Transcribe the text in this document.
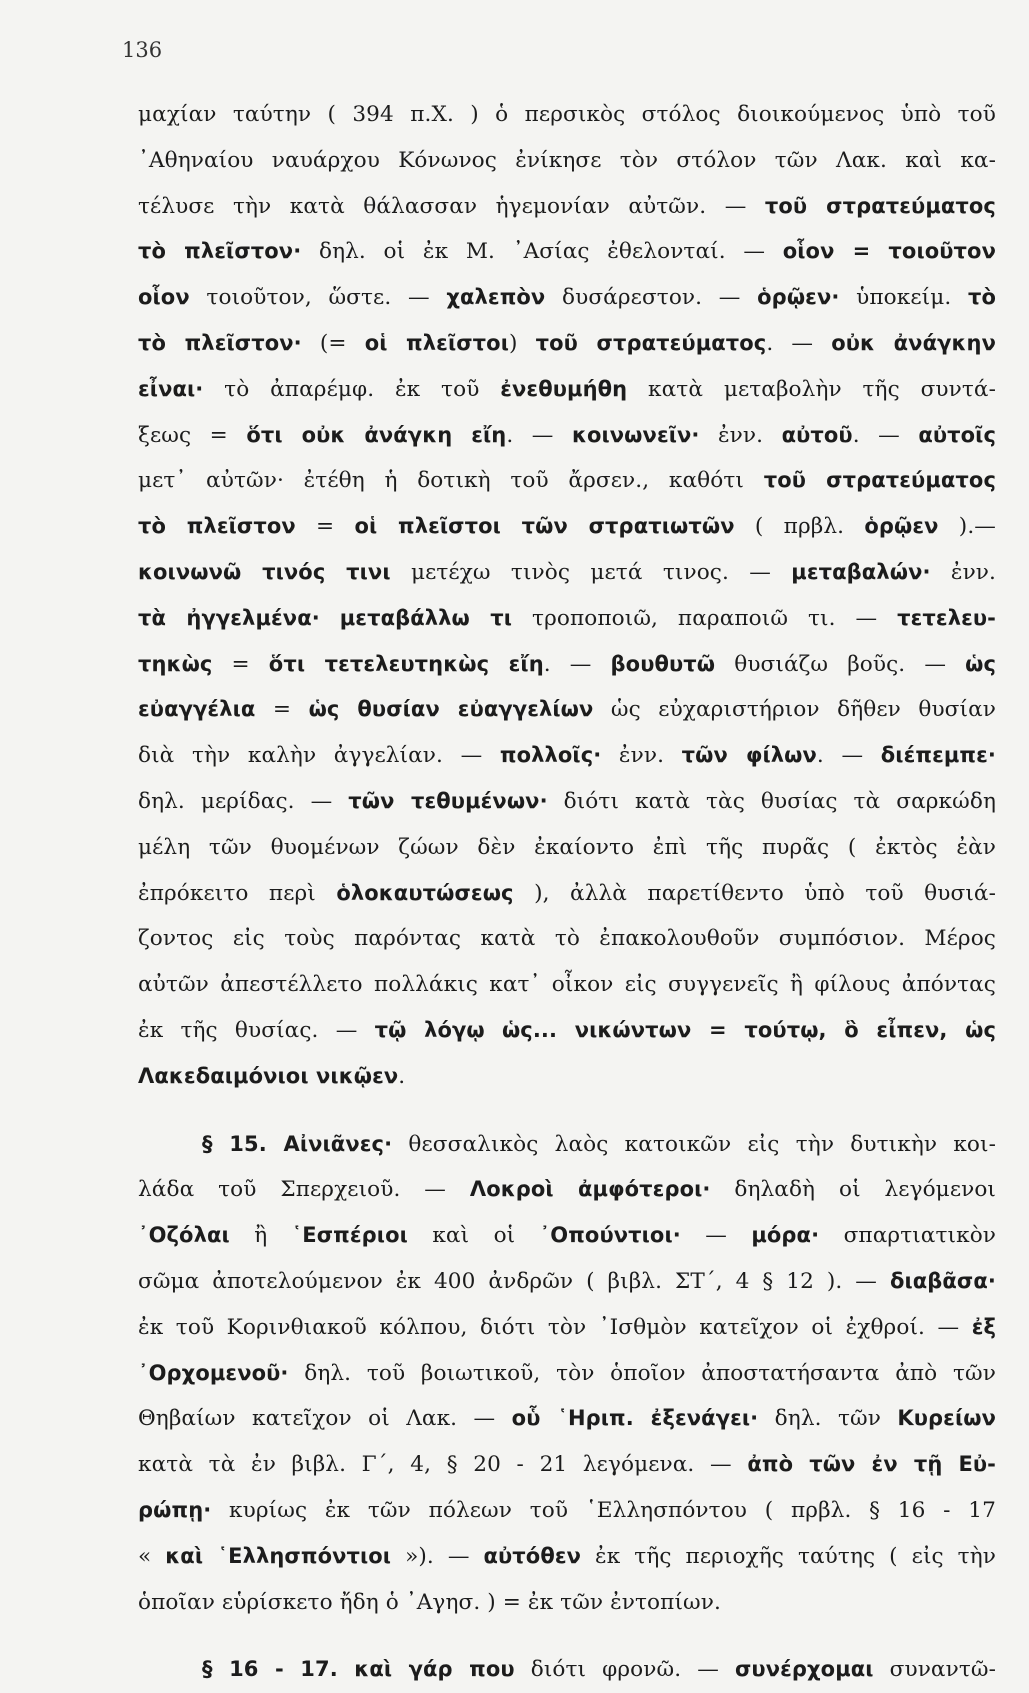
136
μαχίαν ταύτην ( 394 π.Χ. ) ὁ περσικὸς στόλος διοικούμενος ὑπὸ τοῦ
᾿Αθηναίου ναυάρχου Κόνωνος ἐνίκησε τὸν στόλον τῶν Λακ. καὶ κα-
τέλυσε τὴν κατὰ θάλασσαν ἡγεμονίαν αὐτῶν. — τοῦ στρατεύματος
τὸ πλεῖστον· δηλ. οἱ ἐκ Μ. ᾿Ασίας ἐθελονταί. — οἷον = τοιοῦτον
οἷον τοιοῦτον, ὥστε. — χαλεπὸν δυσάρεστον. — ὁρῷεν· ὑποκείμ. τὸ
τὸ πλεῖστον· (= οἱ πλεῖστοι) τοῦ στρατεύματος. — οὐκ ἀνάγκην
εἶναι· τὸ ἀπαρέμφ. ἐκ τοῦ ἐνεθυμήθη κατὰ μεταβολὴν τῆς συντά-
ξεως = ὅτι οὐκ ἀνάγκη εἴη. — κοινωνεῖν· ἐνν. αὐτοῦ. — αὐτοῖς
μετ᾿ αὐτῶν· ἐτέθη ἡ δοτικὴ τοῦ ἄρσεν., καθότι τοῦ στρατεύματος
τὸ πλεῖστον = οἱ πλεῖστοι τῶν στρατιωτῶν ( πρβλ. ὁρῷεν ).—
κοινωνῶ τινός τινι μετέχω τινὸς μετά τινος. — μεταβαλών· ἐνν.
τὰ ἠγγελμένα· μεταβάλλω τι τροποποιῶ, παραποιῶ τι. — τετελευ-
τηκὼς = ὅτι τετελευτηκὼς εἴη. — βουθυτῶ θυσιάζω βοῦς. — ὡς
εὐαγγέλια = ὡς θυσίαν εὐαγγελίων ὡς εὐχαριστήριον δῆθεν θυσίαν
διὰ τὴν καλὴν ἀγγελίαν. — πολλοῖς· ἐνν. τῶν φίλων. — διέπεμπε·
δηλ. μερίδας. — τῶν τεθυμένων· διότι κατὰ τὰς θυσίας τὰ σαρκώδη
μέλη τῶν θυομένων ζώων δὲν ἐκαίοντο ἐπὶ τῆς πυρᾶς ( ἐκτὸς ἐὰν
ἐπρόκειτο περὶ ὁλοκαυτώσεως ), ἀλλὰ παρετίθεντο ὑπὸ τοῦ θυσιά-
ζοντος εἰς τοὺς παρόντας κατὰ τὸ ἐπακολουθοῦν συμπόσιον. Μέρος
αὐτῶν ἀπεστέλλετο πολλάκις κατ᾿ οἶκον εἰς συγγενεῖς ἢ φίλους ἀπόντας
ἐκ τῆς θυσίας. — τῷ λόγῳ ὡς... νικώντων = τούτῳ, ὃ εἶπεν, ὡς
Λακεδαιμόνιοι νικῷεν.
§ 15. Αἰνιᾶνες· θεσσαλικὸς λαὸς κατοικῶν εἰς τὴν δυτικὴν κοι-
λάδα τοῦ Σπερχειοῦ. — Λοκροὶ ἀμφότεροι· δηλαδὴ οἱ λεγόμενοι
᾿Οζόλαι ἢ ῾Εσπέριοι καὶ οἱ ᾿Οπούντιοι· — μόρα· σπαρτιατικὸν
σῶμα ἀποτελούμενον ἐκ 400 ἀνδρῶν ( βιβλ. ΣΤ΄, 4 § 12 ). — διαβᾶσα·
ἐκ τοῦ Κορινθιακοῦ κόλπου, διότι τὸν ᾿Ισθμὸν κατεῖχον οἱ ἐχθροί. — ἐξ
᾿Ορχομενοῦ· δηλ. τοῦ βοιωτικοῦ, τὸν ὁποῖον ἀποστατήσαντα ἀπὸ τῶν
Θηβαίων κατεῖχον οἱ Λακ. — οὗ ῾Ηριπ. ἐξενάγει· δηλ. τῶν Κυρείων
κατὰ τὰ ἐν βιβλ. Γ΄, 4, § 20 - 21 λεγόμενα. — ἀπὸ τῶν ἐν τῇ Εὐ-
ρώπῃ· κυρίως ἐκ τῶν πόλεων τοῦ ῾Ελλησπόντου ( πρβλ. § 16 - 17
« καὶ ῾Ελλησπόντιοι »). — αὐτόθεν ἐκ τῆς περιοχῆς ταύτης ( εἰς τὴν
ὁποῖαν εὑρίσκετο ἤδη ὁ ᾿Αγησ. ) = ἐκ τῶν ἐντοπίων.
§ 16 - 17. καὶ γάρ που διότι φρονῶ. — συνέρχομαι συναντῶ-
